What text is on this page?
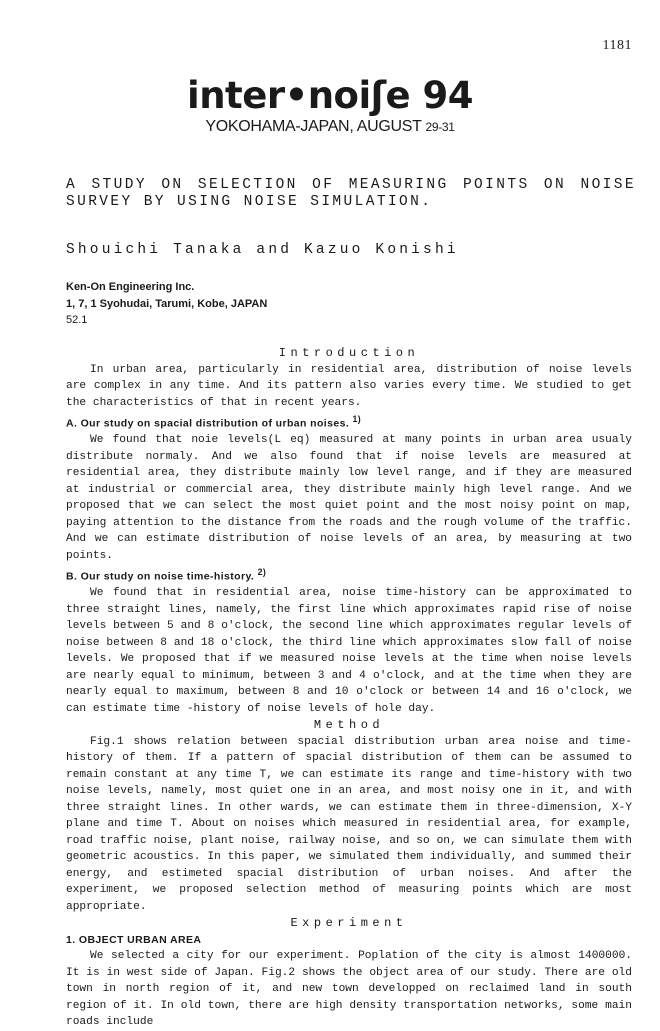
1181
inter•noiʃe 94
YOKOHAMA-JAPAN, AUGUST 29-31
A STUDY ON SELECTION OF MEASURING POINTS ON NOISE SURVEY BY USING NOISE SIMULATION.
Shouichi Tanaka and Kazuo Konishi
Ken-On Engineering Inc.
1, 7, 1 Syohudai, Tarumi, Kobe, JAPAN
52.1
Introduction

In urban area, particularly in residential area, distribution of noise levels are complex in any time. And its pattern also varies every time. We studied to get the characteristics of that in recent years.

A. Our study on spacial distribution of urban noises. $^{1)}$

We found that noie levels(L eq) measured at many points in urban area usualy distribute normaly. And we also found that if noise levels are measured at residential area, they distribute mainly low level range, and if they are measured at industrial or commercial area, they distribute mainly high level range. And we proposed that we can select the most quiet point and the most noisy point on map, paying attention to the distance from the roads and the rough volume of the traffic. And we can estimate distribution of noise levels of an area, by measuring at two points.

B. Our study on noise time-history. $^{2)}$

We found that in residential area, noise time-history can be approximated to three straight lines, namely, the first line which approximates rapid rise of noise levels between 5 and 8 o'clock, the second line which approximates regular levels of noise between 8 and 18 o'clock, the third line which approximates slow fall of noise levels. We proposed that if we measured noise levels at the time when noise levels are nearly equal to minimum, between 3 and 4 o'clock, and at the time when they are nearly equal to maximum, between 8 and 10 o'clock or between 14 and 16 o'clock, we can estimate time -history of noise levels of hole day.

Method

Fig.1 shows relation between spacial distribution urban area noise and time-history of them. If a pattern of spacial distribution of them can be assumed to remain constant at any time T, we can estimate its range and time-history with two noise levels, namely, most quiet one in an area, and most noisy one in it, and with three straight lines. In other wards, we can estimate them in three-dimension, X-Y plane and time T. About on noises which measured in residential area, for example, road traffic noise, plant noise, railway noise, and so on, we can simulate them with geometric acoustics. In this paper, we simulated them individually, and summed their energy, and estimeted spacial distribution of urban noises. And after the experiment, we proposed selection method of measuring points which are most appropriate.

Experiment
1. OBJECT URBAN AREA

We selected a city for our experiment. Poplation of the city is almost 1400000. It is in west side of Japan. Fig.2 shows the object area of our study. There are old town in north region of it, and new town developped on reclaimed land in south region of it. In old town, there are high density transportation networks, some main roads include
